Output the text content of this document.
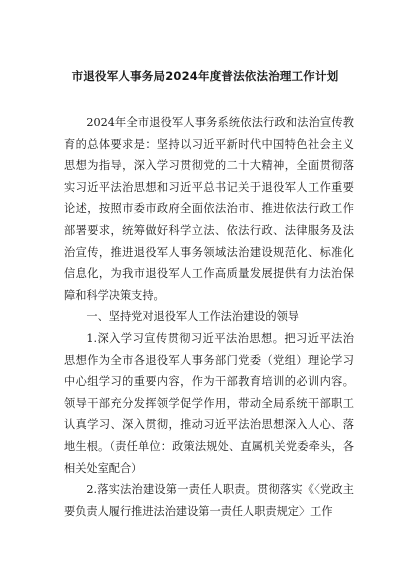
市退役军人事务局2024年度普法依法治理工作计划

2024年全市退役军人事务系统依法行政和法治宣传教育的总体要求是：坚持以习近平新时代中国特色社会主义思想为指导，深入学习贯彻党的二十大精神，全面贯彻落实习近平法治思想和习近平总书记关于退役军人工作重要论述，按照市委市政府全面依法治市、推进依法行政工作部署要求，统筹做好科学立法、依法行政、法律服务及法治宣传，推进退役军人事务领域法治建设规范化、标准化信息化，为我市退役军人工作高质量发展提供有力法治保障和科学决策支持。

一、坚持党对退役军人工作法治建设的领导

1.深入学习宣传贯彻习近平法治思想。把习近平法治思想作为全市各退役军人事务部门党委（党组）理论学习中心组学习的重要内容，作为干部教育培训的必训内容。领导干部充分发挥领学促学作用，带动全局系统干部职工认真学习、深入贯彻，推动习近平法治思想深入人心、落地生根。（责任单位：政策法规处、直属机关党委牵头，各相关处室配合）

2.落实法治建设第一责任人职责。贯彻落实《〈党政主要负责人履行推进法治建设第一责任人职责规定〉工作
